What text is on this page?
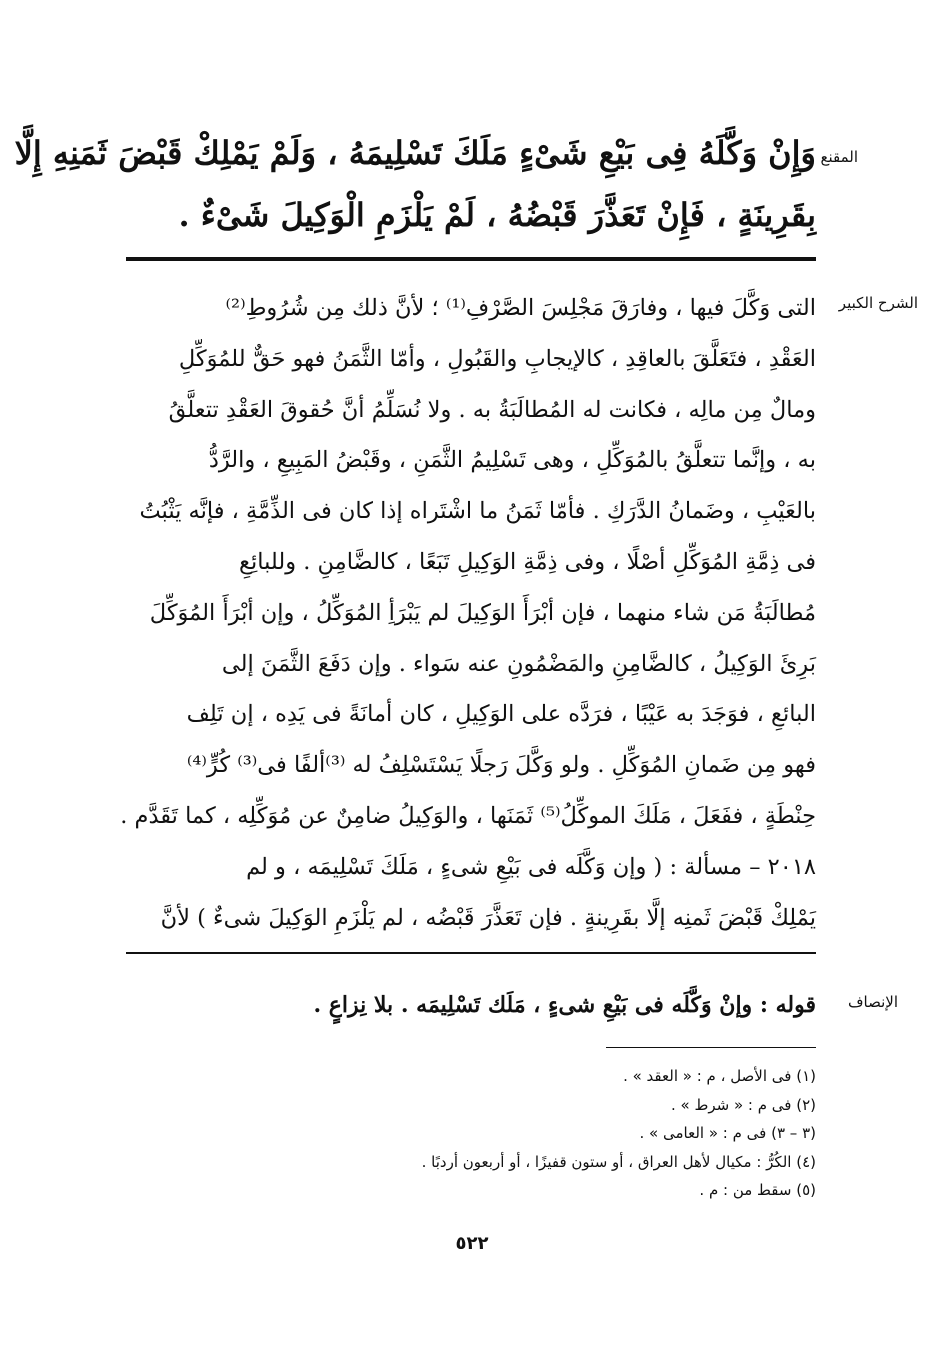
المقنع
وَإِنْ وَكَّلَهُ فِى بَيْعِ شَىْءٍ مَلَكَ تَسْلِيمَهُ ، وَلَمْ يَمْلِكْ قَبْضَ ثَمَنِهِ إِلَّا
بِقَرِينَةٍ ، فَإِنْ تَعَذَّرَ قَبْضُهُ ، لَمْ يَلْزَمِ الْوَكِيلَ شَىْءٌ .
الشرح الكبير
التى وَكَّلَ فيها ، وفارَقَ مَجْلِسَ الصَّرْفِ⁽¹⁾ ؛ لأنَّ ذلك مِن شُرُوطِ⁽²⁾
العَقْدِ ، فتَعَلَّقَ بالعاقِدِ ، كالإيجابِ والقَبُولِ ، وأمّا الثَّمَنُ فهو حَقٌّ للمُوَكِّلِ
ومالٌ مِن مالِه ، فكانت له المُطالَبَةُ به . ولا نُسَلِّمُ أنَّ حُقوقَ العَقْدِ تتعلَّقُ
به ، وإنَّما تتعلَّقُ بالمُوَكِّلِ ، وهى تَسْلِيمُ الثَّمَنِ ، وقَبْضُ المَبِيعِ ، والرَّدُّ
بالعَيْبِ ، وضَمانُ الدَّرَكِ . فأمّا ثَمَنُ ما اشْتَراه إذا كان فى الذِّمَّةِ ، فإنَّه يَثْبُتُ
فى ذِمَّةِ المُوَكِّلِ أصْلًا ، وفى ذِمَّةِ الوَكِيلِ تَبَعًا ، كالضَّامِنِ . وللبائِعِ
مُطالَبَةُ مَن شاء منهما ، فإن أبْرَأَ الوَكِيلَ لم يَبْرَأِ المُوَكِّلُ ، وإن أبْرَأَ المُوَكِّلَ
بَرِئَ الوَكِيلُ ، كالضَّامِنِ والمَضْمُونِ عنه سَواء . وإن دَفَعَ الثَّمَنَ إلى
البائعِ ، فوَجَدَ به عَيْبًا ، فرَدَّه على الوَكِيلِ ، كان أمانَةً فى يَدِه ، إن تَلِف
فهو مِن ضَمانِ المُوَكِّلِ . ولو وَكَّلَ رَجلًا يَسْتَسْلِفُ له ⁽³⁾ألفًا فى⁽³⁾ كُرٍّ⁽⁴⁾
حِنْطَةٍ ، ففَعَلَ ، مَلَكَ الموكِّلُ⁽⁵⁾ ثَمَنَها ، والوَكِيلُ ضامِنٌ عن مُوَكِّلِه ، كما تَقَدَّم .
٢٠١٨ – مسألة : ( وإن وَكَّلَه فى بَيْعِ شىءٍ ، مَلَكَ تَسْلِيمَه ، و لم
يَمْلِكْ قَبْضَ ثَمنِه إلَّا بقَرِينةٍ . فإن تَعَذَّرَ قَبْضُه ، لم يَلْزَمِ الوَكِيلَ شىءٌ ) لأنَّ
الإنصاف
قوله : وإنْ وَكَّلَه فى بَيْعِ شىءٍ ، مَلَك تَسْلِيمَه . بلا نِزاعٍ .
(١) فى الأصل ، م : « العقد » .
(٢) فى م : « شرط » .
(٣ – ٣) فى م : « العامى » .
(٤) الكُرُّ : مكيال لأهل العراق ، أو ستون قفيزًا ، أو أربعون أردبًا .
(٥) سقط من : م .
٥٢٢
